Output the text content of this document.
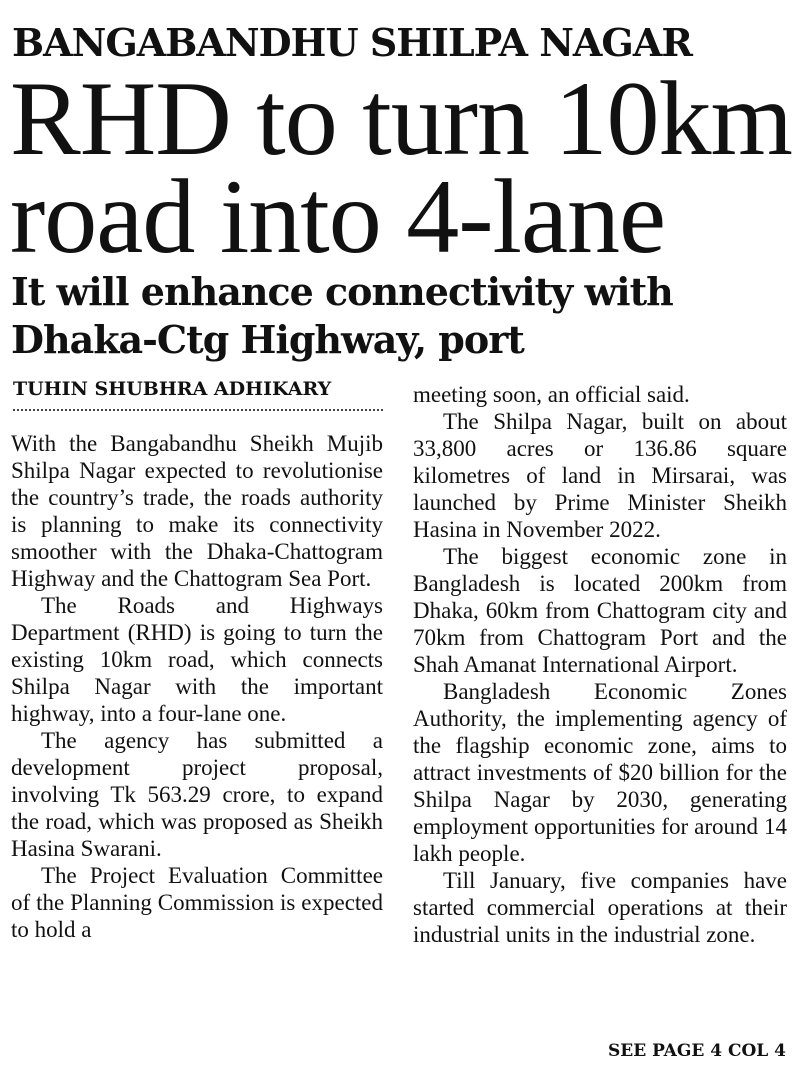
BANGABANDHU SHILPA NAGAR
RHD to turn 10km
road into 4-lane
It will enhance connectivity with
Dhaka-Ctg Highway, port
TUHIN SHUBHRA ADHIKARY

With the Bangabandhu Sheikh Mujib Shilpa Nagar expected to revolutionise the country’s trade, the roads authority is planning to make its connectivity smoother with the Dhaka-Chattogram Highway and the Chattogram Sea Port.

The Roads and Highways Department (RHD) is going to turn the existing 10km road, which connects Shilpa Nagar with the important highway, into a four-lane one.

The agency has submitted a development project proposal, involving Tk 563.29 crore, to expand the road, which was proposed as Sheikh Hasina Swarani.

The Project Evaluation Committee of the Planning Commission is expected to hold a

meeting soon, an official said.

The Shilpa Nagar, built on about 33,800 acres or 136.86 square kilometres of land in Mirsarai, was launched by Prime Minister Sheikh Hasina in November 2022.

The biggest economic zone in Bangladesh is located 200km from Dhaka, 60km from Chattogram city and 70km from Chattogram Port and the Shah Amanat International Airport.

Bangladesh Economic Zones Authority, the implementing agency of the flagship economic zone, aims to attract investments of $20 billion for the Shilpa Nagar by 2030, generating employment opportunities for around 14 lakh people.

Till January, five companies have started commercial operations at their industrial units in the industrial zone.

SEE PAGE 4 COL 4
